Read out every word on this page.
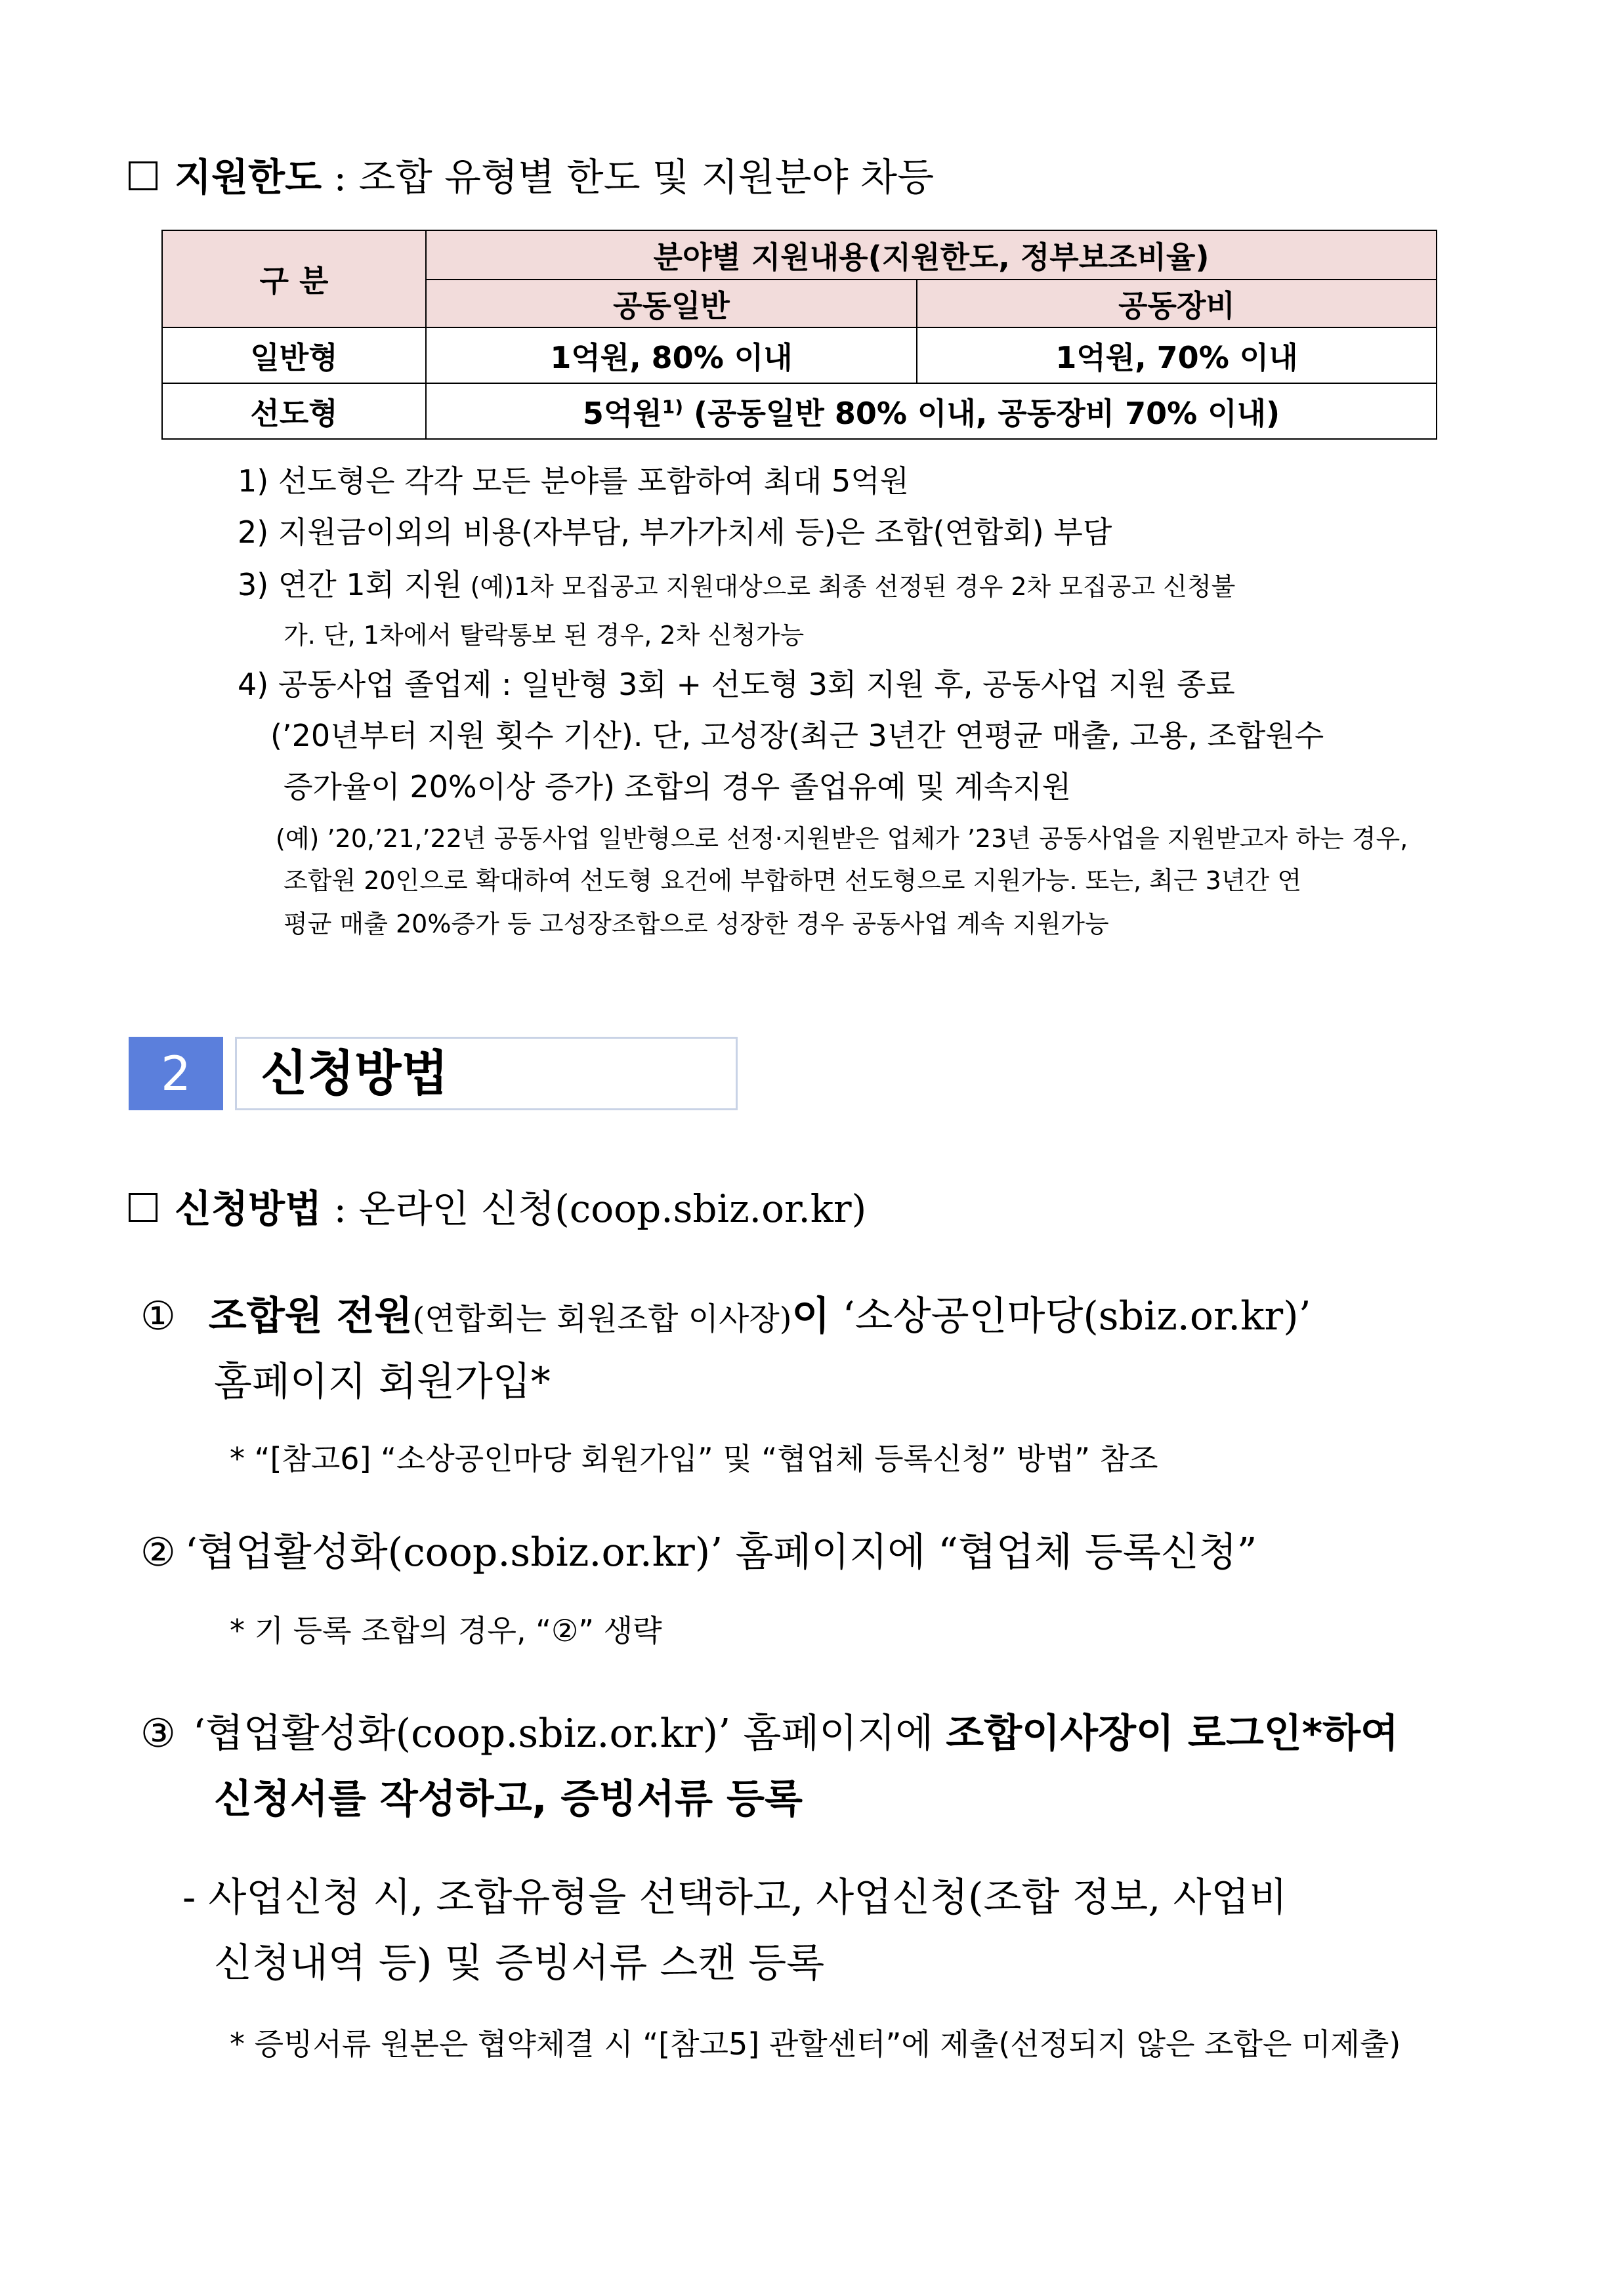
지원한도 : 조합 유형별 한도 및 지원분야 차등
구 분	분야별 지원내용(지원한도, 정부보조비율)	
	공동일반	공동장비
일반형	1억원, 80% 이내	1억원, 70% 이내
선도형	5억원$^{1)}$ (공동일반 80% 이내, 공동장비 70% 이내)	
1) 선도형은 각각 모든 분야를 포함하여 최대 5억원
2) 지원금이외의 비용(자부담, 부가가치세 등)은 조합(연합회) 부담
3) 연간 1회 지원 (예)1차 모집공고 지원대상으로 최종 선정된 경우 2차 모집공고 신청불
가. 단, 1차에서 탈락통보 된 경우, 2차 신청가능
4) 공동사업 졸업제 : 일반형 3회 + 선도형 3회 지원 후, 공동사업 지원 종료
(’20년부터 지원 횟수 기산). 단, 고성장(최근 3년간 연평균 매출, 고용, 조합원수
증가율이 20%이상 증가) 조합의 경우 졸업유예 및 계속지원
(예) ’20,’21,’22년 공동사업 일반형으로 선정·지원받은 업체가 ’23년 공동사업을 지원받고자 하는 경우,
조합원 20인으로 확대하여 선도형 요건에 부합하면 선도형으로 지원가능. 또는, 최근 3년간 연
평균 매출 20%증가 등 고성장조합으로 성장한 경우 공동사업 계속 지원가능
2	신청방법
신청방법 : 온라인 신청(coop.sbiz.or.kr)
① 조합원 전원(연합회는 회원조합 이사장)이 ‘소상공인마당(sbiz.or.kr)’
홈페이지 회원가입*
* “[참고6] “소상공인마당 회원가입” 및 “협업체 등록신청” 방법” 참조
② ‘협업활성화(coop.sbiz.or.kr)’ 홈페이지에 “협업체 등록신청”
* 기 등록 조합의 경우, “②” 생략
③ ‘협업활성화(coop.sbiz.or.kr)’ 홈페이지에 조합이사장이 로그인*하여
신청서를 작성하고, 증빙서류 등록
- 사업신청 시, 조합유형을 선택하고, 사업신청(조합 정보, 사업비
신청내역 등) 및 증빙서류 스캔 등록
* 증빙서류 원본은 협약체결 시 “[참고5] 관할센터”에 제출(선정되지 않은 조합은 미제출)
